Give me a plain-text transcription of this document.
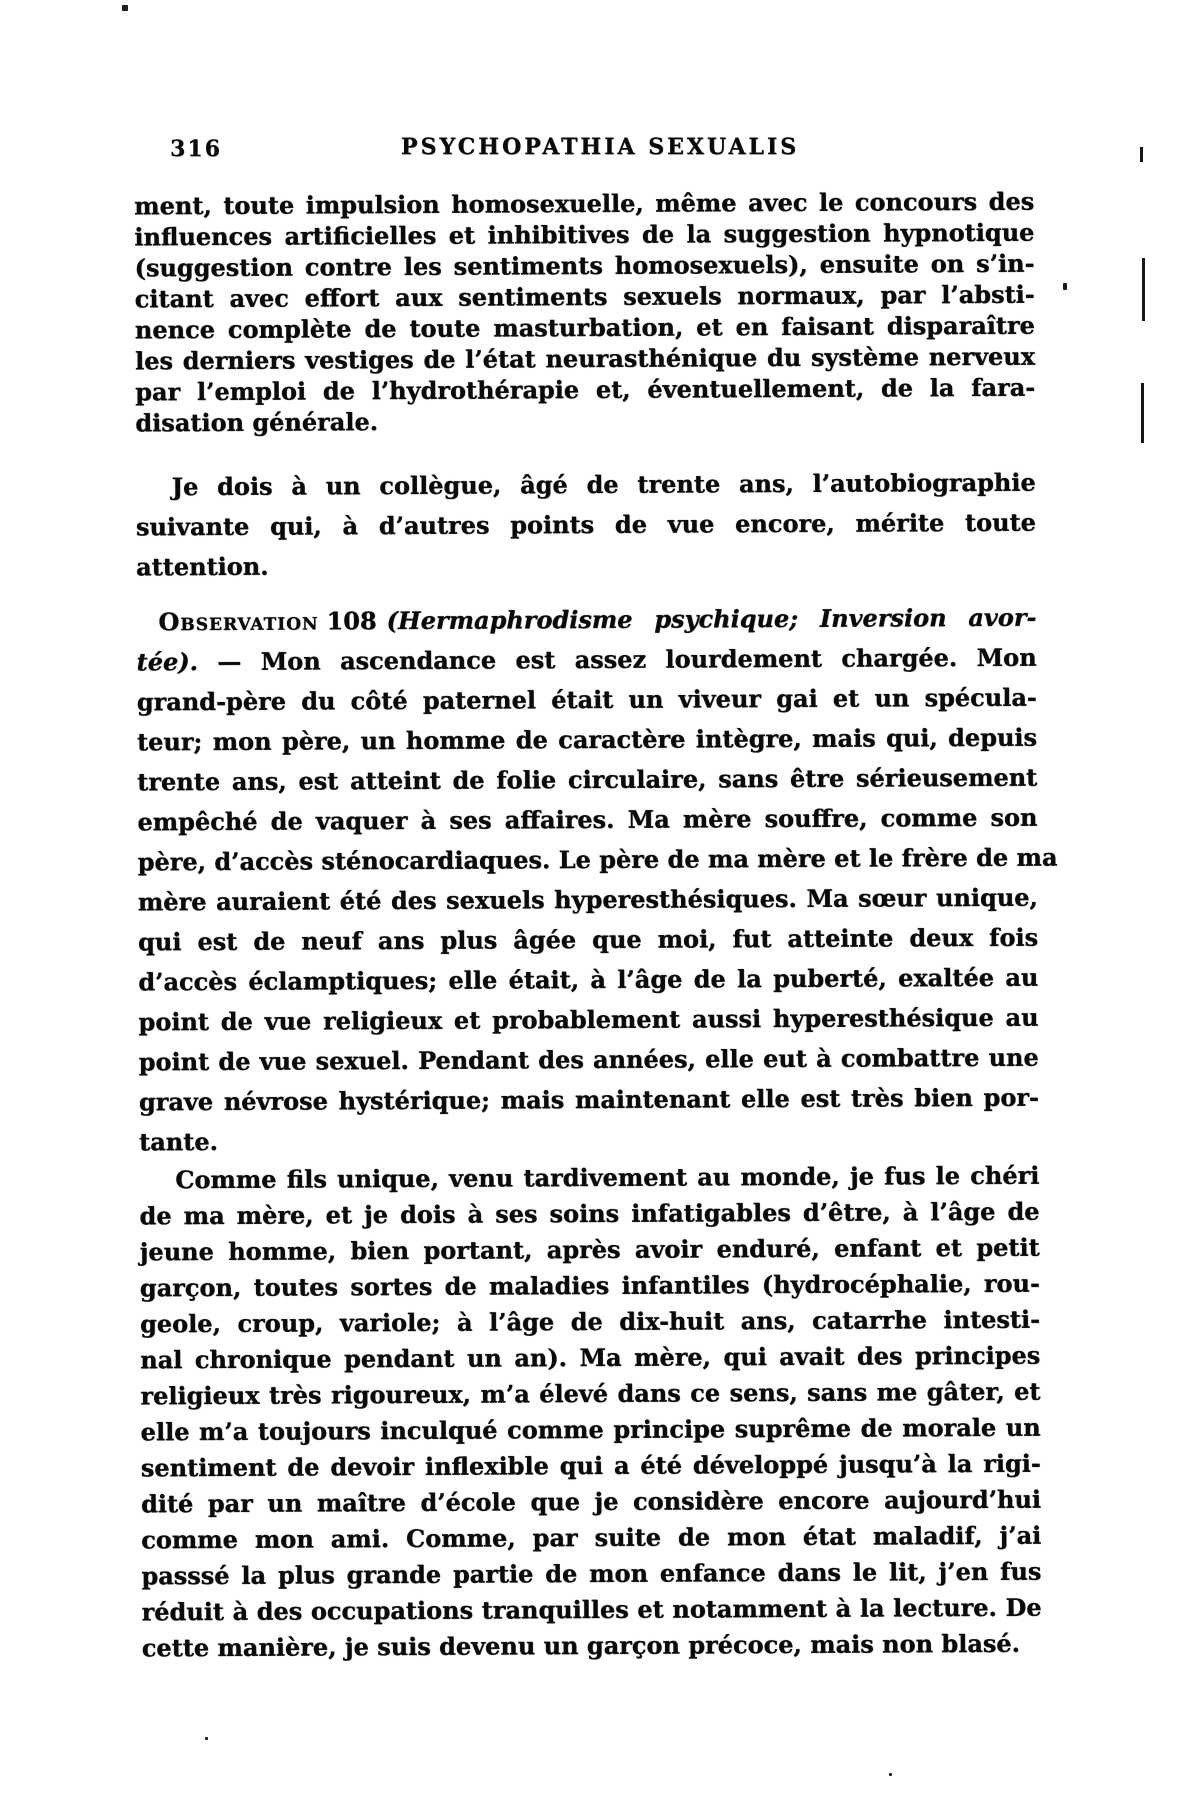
316	PSYCHOPATHIA SEXUALIS
ment, toute impulsion homosexuelle, même avec le concours des
influences artificielles et inhibitives de la suggestion hypnotique
(suggestion contre les sentiments homosexuels), ensuite on s’in-
citant avec effort aux sentiments sexuels normaux, par l’absti-
nence complète de toute masturbation, et en faisant disparaître
les derniers vestiges de l’état neurasthénique du système nerveux
par l’emploi de l’hydrothérapie et, éventuellement, de la fara-
disation générale.
Je dois à un collègue, âgé de trente ans, l’autobiographie
suivante qui, à d’autres points de vue encore, mérite toute
attention.
Observation 108 (Hermaphrodisme psychique; Inversion avor-
tée). — Mon ascendance est assez lourdement chargée. Mon
grand-père du côté paternel était un viveur gai et un spécula-
teur; mon père, un homme de caractère intègre, mais qui, depuis
trente ans, est atteint de folie circulaire, sans être sérieusement
empêché de vaquer à ses affaires. Ma mère souffre, comme son
père, d’accès sténocardiaques. Le père de ma mère et le frère de ma
mère auraient été des sexuels hyperesthésiques. Ma sœur unique,
qui est de neuf ans plus âgée que moi, fut atteinte deux fois
d’accès éclamptiques; elle était, à l’âge de la puberté, exaltée au
point de vue religieux et probablement aussi hyperesthésique au
point de vue sexuel. Pendant des années, elle eut à combattre une
grave névrose hystérique; mais maintenant elle est très bien por-
tante.
Comme fils unique, venu tardivement au monde, je fus le chéri
de ma mère, et je dois à ses soins infatigables d’être, à l’âge de
jeune homme, bien portant, après avoir enduré, enfant et petit
garçon, toutes sortes de maladies infantiles (hydrocéphalie, rou-
geole, croup, variole; à l’âge de dix-huit ans, catarrhe intesti-
nal chronique pendant un an). Ma mère, qui avait des principes
religieux très rigoureux, m’a élevé dans ce sens, sans me gâter, et
elle m’a toujours inculqué comme principe suprême de morale un
sentiment de devoir inflexible qui a été développé jusqu’à la rigi-
dité par un maître d’école que je considère encore aujourd’hui
comme mon ami. Comme, par suite de mon état maladif, j’ai
passsé la plus grande partie de mon enfance dans le lit, j’en fus
réduit à des occupations tranquilles et notamment à la lecture. De
cette manière, je suis devenu un garçon précoce, mais non blasé.
